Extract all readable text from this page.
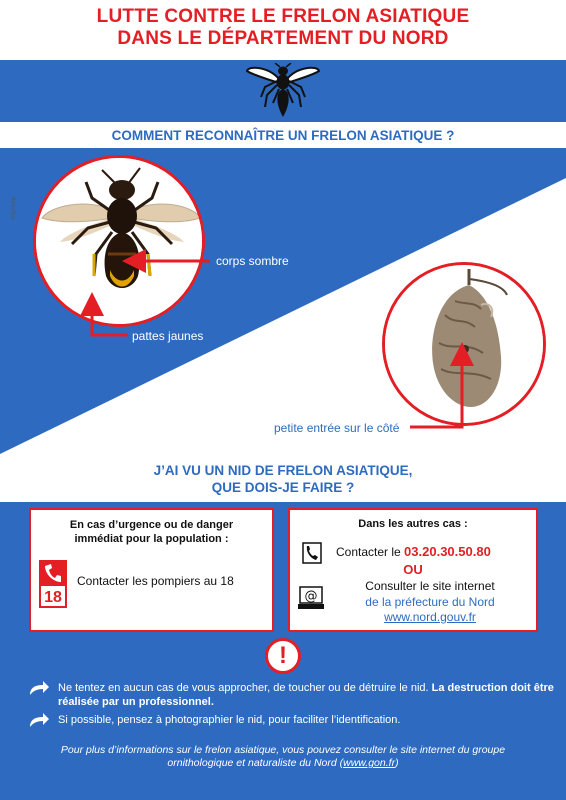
LUTTE CONTRE LE FRELON ASIATIQUE
DANS LE DÉPARTEMENT DU NORD
COMMENT RECONNAÎTRE UN FRELON ASIATIQUE ?
© Q.Rome
corps sombre
pattes jaunes
petite entrée sur le côté
J’AI VU UN NID DE FRELON ASIATIQUE,
QUE DOIS-JE FAIRE ?
En cas d’urgence ou de danger
immédiat pour la population :
18
Contacter les pompiers au 18
Dans les autres cas :
Contacter le 03.20.30.50.80
OU
@
Consulter le site internet
de la préfecture du Nord
www.nord.gouv.fr
!
Ne tentez en aucun cas de vous approcher, de toucher ou de détruire le nid. La destruction doit être réalisée par un professionnel.
Si possible, pensez à photographier le nid, pour faciliter l’identification.
Pour plus d’informations sur le frelon asiatique, vous pouvez consulter le site internet du groupe ornithologique et naturaliste du Nord (www.gon.fr)
